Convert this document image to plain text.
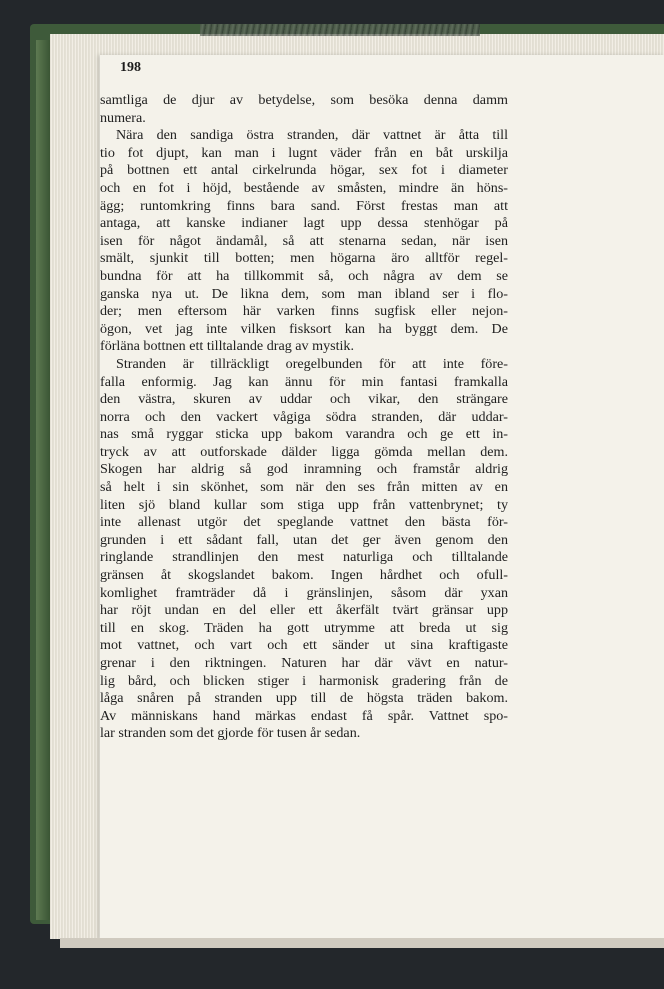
198
samtliga de djur av betydelse, som besöka denna damm
numera.
Nära den sandiga östra stranden, där vattnet är åtta till
tio fot djupt, kan man i lugnt väder från en båt urskilja
på bottnen ett antal cirkelrunda högar, sex fot i diameter
och en fot i höjd, bestående av småsten, mindre än höns-
ägg; runtomkring finns bara sand. Först frestas man att
antaga, att kanske indianer lagt upp dessa stenhögar på
isen för något ändamål, så att stenarna sedan, när isen
smält, sjunkit till botten; men högarna äro alltför regel-
bundna för att ha tillkommit så, och några av dem se
ganska nya ut. De likna dem, som man ibland ser i flo-
der; men eftersom här varken finns sugfisk eller nejon-
ögon, vet jag inte vilken fisksort kan ha byggt dem. De
förläna bottnen ett tilltalande drag av mystik.
Stranden är tillräckligt oregelbunden för att inte före-
falla enformig. Jag kan ännu för min fantasi framkalla
den västra, skuren av uddar och vikar, den strängare
norra och den vackert vågiga södra stranden, där uddar-
nas små ryggar sticka upp bakom varandra och ge ett in-
tryck av att outforskade dälder ligga gömda mellan dem.
Skogen har aldrig så god inramning och framstår aldrig
så helt i sin skönhet, som när den ses från mitten av en
liten sjö bland kullar som stiga upp från vattenbrynet; ty
inte allenast utgör det speglande vattnet den bästa för-
grunden i ett sådant fall, utan det ger även genom den
ringlande strandlinjen den mest naturliga och tilltalande
gränsen åt skogslandet bakom. Ingen hårdhet och ofull-
komlighet framträder då i gränslinjen, såsom där yxan
har röjt undan en del eller ett åkerfält tvärt gränsar upp
till en skog. Träden ha gott utrymme att breda ut sig
mot vattnet, och vart och ett sänder ut sina kraftigaste
grenar i den riktningen. Naturen har där vävt en natur-
lig bård, och blicken stiger i harmonisk gradering från de
låga snåren på stranden upp till de högsta träden bakom.
Av människans hand märkas endast få spår. Vattnet spo-
lar stranden som det gjorde för tusen år sedan.
